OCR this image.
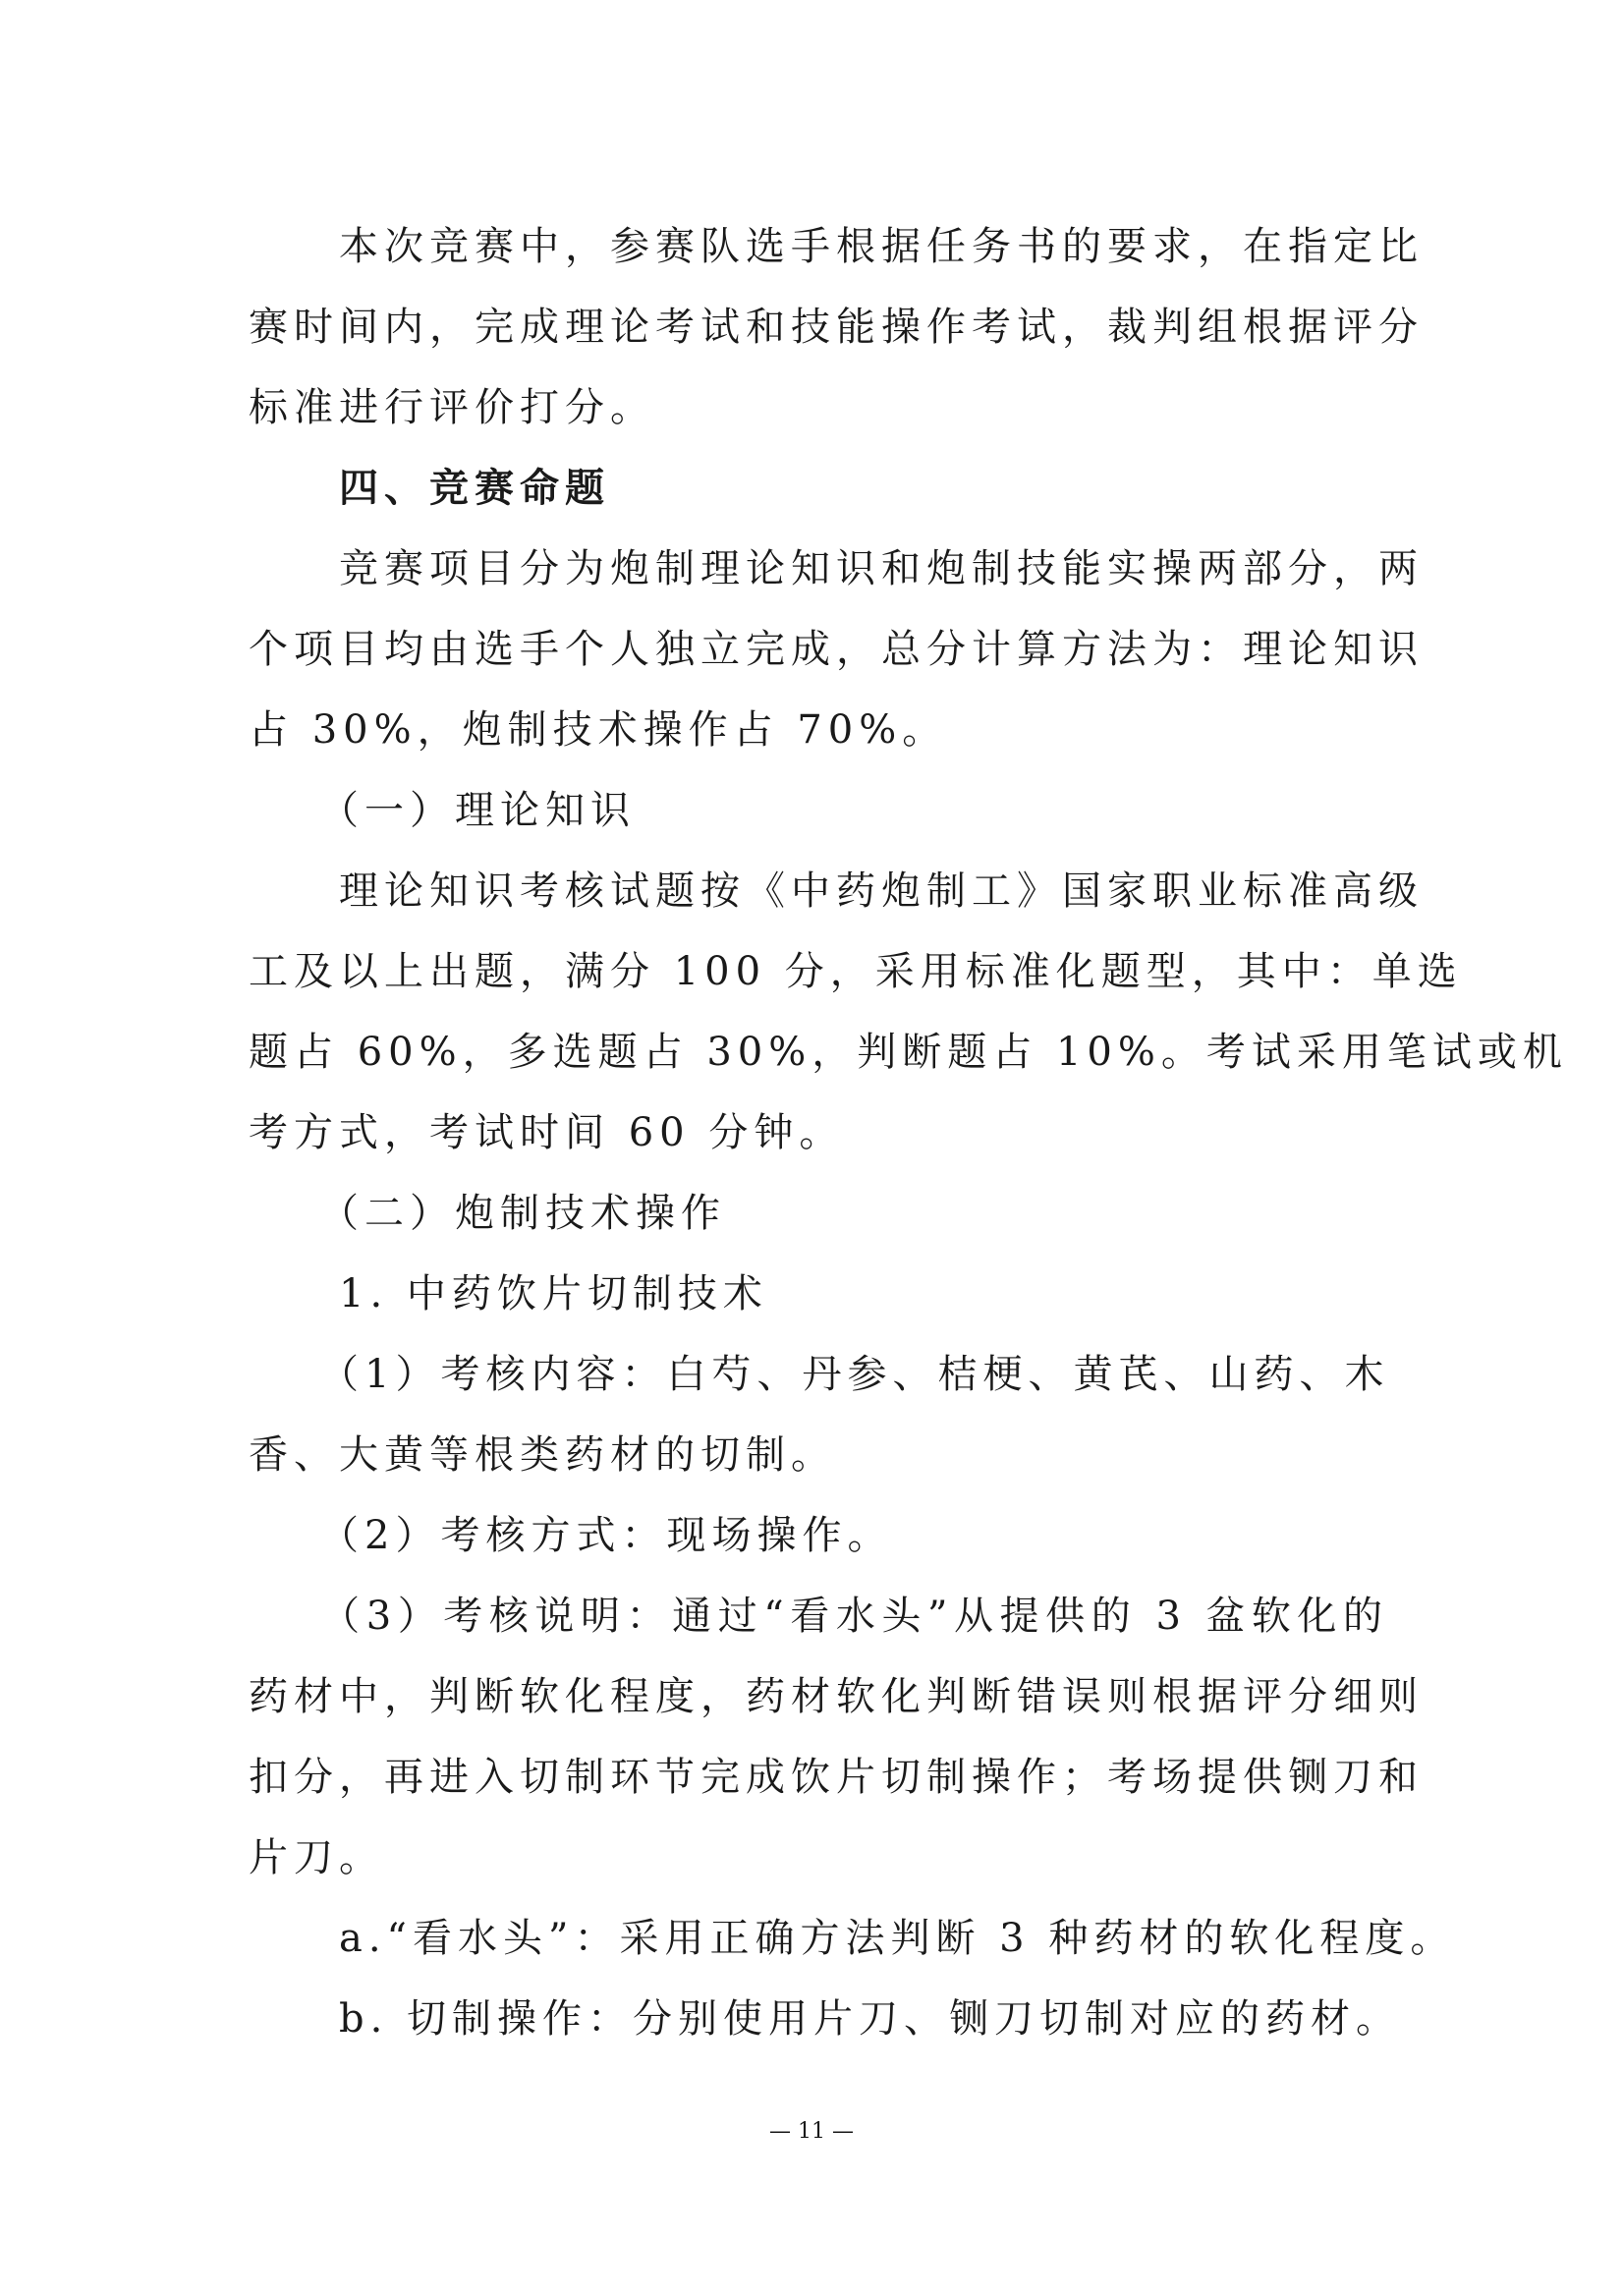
　　本次竞赛中，参赛队选手根据任务书的要求，在指定比
赛时间内，完成理论考试和技能操作考试，裁判组根据评分
标准进行评价打分。
　　四、竞赛命题
　　竞赛项目分为炮制理论知识和炮制技能实操两部分，两
个项目均由选手个人独立完成，总分计算方法为：理论知识
占 30%，炮制技术操作占 70%。
　　（一）理论知识
　　理论知识考核试题按《中药炮制工》国家职业标准高级
工及以上出题，满分 100 分，采用标准化题型，其中：单选
题占 60%，多选题占 30%，判断题占 10%。考试采用笔试或机
考方式，考试时间 60 分钟。
　　（二）炮制技术操作
　　1. 中药饮片切制技术
　　（1）考核内容：白芍、丹参、桔梗、黄芪、山药、木
香、大黄等根类药材的切制。
　　（2）考核方式：现场操作。
　　（3）考核说明：通过“看水头”从提供的 3 盆软化的
药材中，判断软化程度，药材软化判断错误则根据评分细则
扣分，再进入切制环节完成饮片切制操作；考场提供铡刀和
片刀。
　　a.“看水头”：采用正确方法判断 3 种药材的软化程度。
　　b. 切制操作：分别使用片刀、铡刀切制对应的药材。
— 11 —
